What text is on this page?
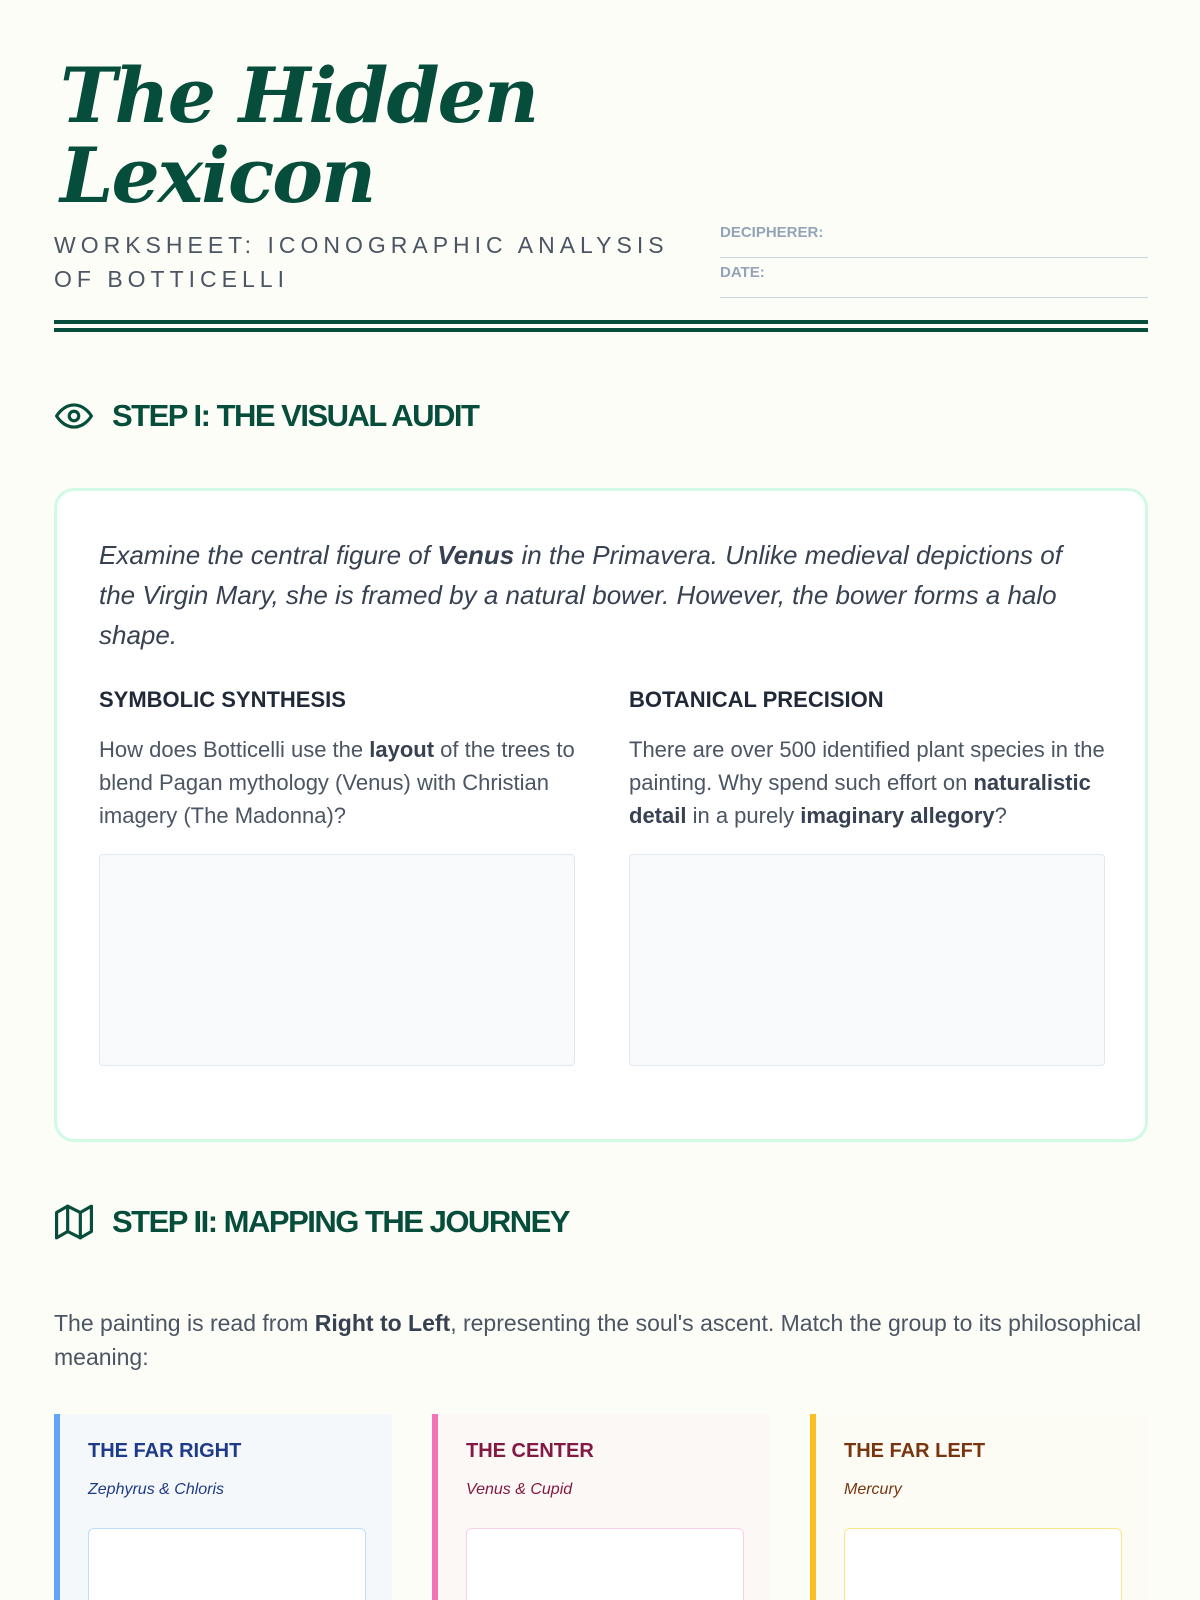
The Hidden Lexicon
WORKSHEET: ICONOGRAPHIC ANALYSIS OF BOTTICELLI
DECIPHERER:
DATE:
STEP I: THE VISUAL AUDIT

Examine the central figure of Venus in the Primavera. Unlike medieval depictions of the Virgin Mary, she is framed by a natural bower. However, the bower forms a halo shape.

SYMBOLIC SYNTHESIS

How does Botticelli use the layout of the trees to blend Pagan mythology (Venus) with Christian imagery (The Madonna)?

BOTANICAL PRECISION

There are over 500 identified plant species in the painting. Why spend such effort on naturalistic detail in a purely imaginary allegory?

STEP II: MAPPING THE JOURNEY

The painting is read from Right to Left, representing the soul's ascent. Match the group to its philosophical meaning:

THE FAR RIGHT
Zephyrus & Chloris
THE CENTER
Venus & Cupid
THE FAR LEFT
Mercury
